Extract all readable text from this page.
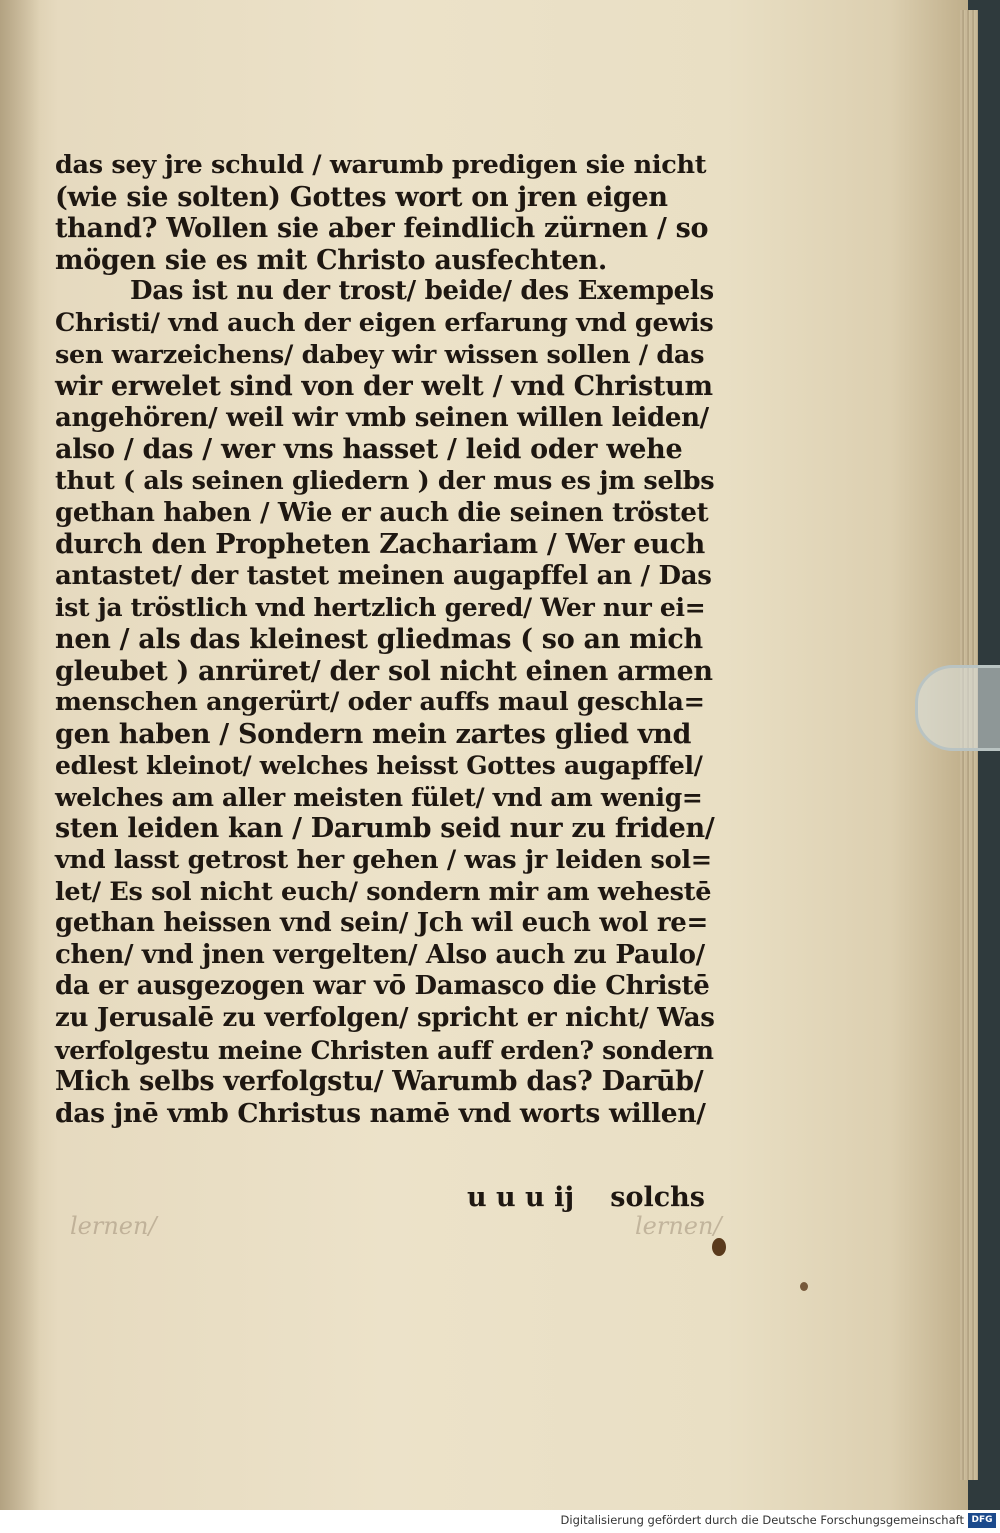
das sey jre schuld / warumb predigen sie nicht
(wie sie solten) Gottes wort on jren eigen
thand? Wollen sie aber feindlich zürnen / so
mögen sie es mit Christo ausfechten.
Das ist nu der trost/ beide/ des Exempels
Christi/ vnd auch der eigen erfarung vnd gewis
sen warzeichens/ dabey wir wissen sollen / das
wir erwelet sind von der welt / vnd Christum
angehören/ weil wir vmb seinen willen leiden/
also / das / wer vns hasset / leid oder wehe
thut ( als seinen gliedern ) der mus es jm selbs
gethan haben / Wie er auch die seinen tröstet
durch den Propheten Zachariam / Wer euch
antastet/ der tastet meinen augapffel an / Das
ist ja tröstlich vnd hertzlich gered/ Wer nur ei=
nen / als das kleinest gliedmas ( so an mich
gleubet ) anrüret/ der sol nicht einen armen
menschen angerürt/ oder auffs maul geschla=
gen haben / Sondern mein zartes glied vnd
edlest kleinot/ welches heisst Gottes augapffel/
welches am aller meisten fület/ vnd am wenig=
sten leiden kan / Darumb seid nur zu friden/
vnd lasst getrost her gehen / was jr leiden sol=
let/ Es sol nicht euch/ sondern mir am wehestē
gethan heissen vnd sein/ Jch wil euch wol re=
chen/ vnd jnen vergelten/ Also auch zu Paulo/
da er ausgezogen war vō Damasco die Christē
zu Jerusalē zu verfolgen/ spricht er nicht/ Was
verfolgestu meine Christen auff erden? sondern
Mich selbs verfolgstu/ Warumb das? Darūb/
das jnē vmb Christus namē vnd worts willen/
u u u ij solchs
lernen/	lernen/
Digitalisierung gefördert durch die Deutsche Forschungsgemeinschaft DFG
